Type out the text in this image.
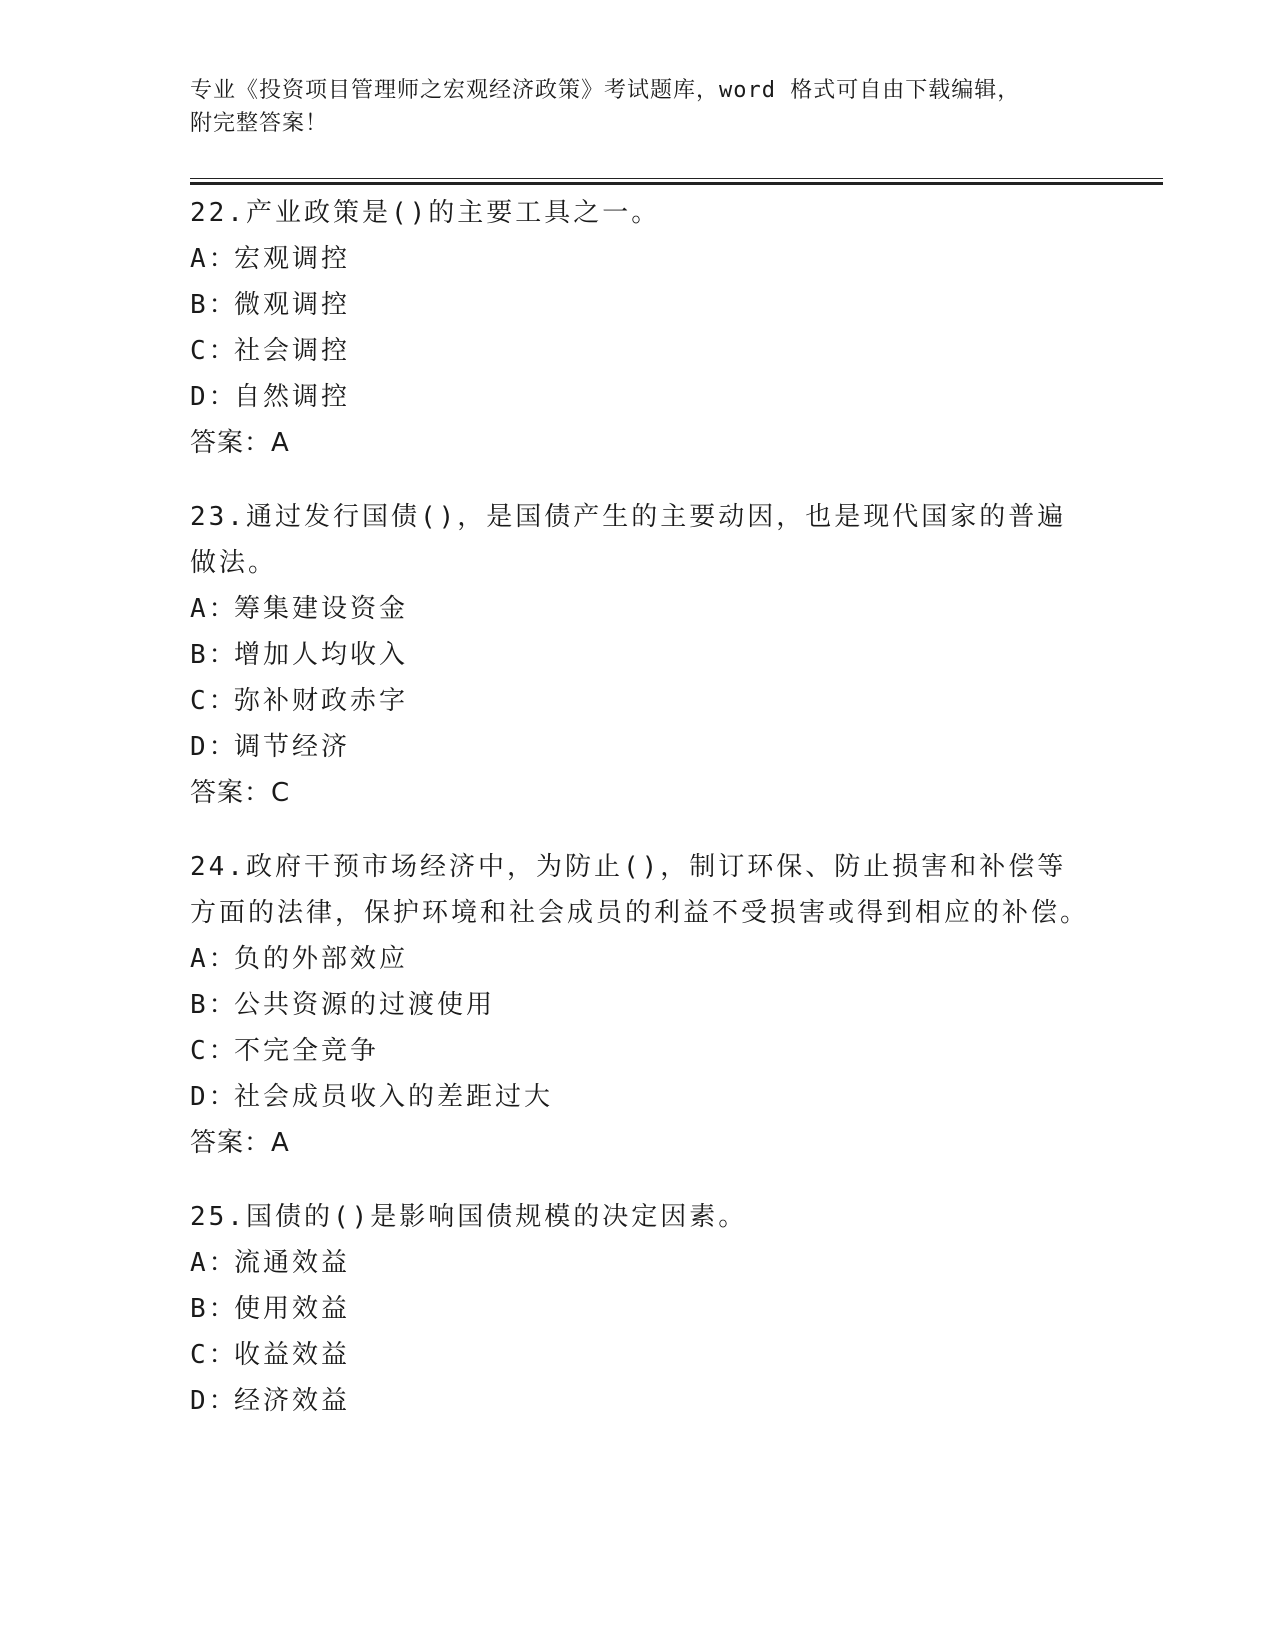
专业《投资项目管理师之宏观经济政策》考试题库，word 格式可自由下载编辑，
附完整答案！

22.产业政策是()的主要工具之一。

A：宏观调控

B：微观调控

C：社会调控

D：自然调控

答案：A

23.通过发行国债()，是国债产生的主要动因，也是现代国家的普遍做法。

A：筹集建设资金

B：增加人均收入

C：弥补财政赤字

D：调节经济

答案：C

24.政府干预市场经济中，为防止()，制订环保、防止损害和补偿等方面的法律，保护环境和社会成员的利益不受损害或得到相应的补偿。

A：负的外部效应

B：公共资源的过渡使用

C：不完全竞争

D：社会成员收入的差距过大

答案：A

25.国债的()是影响国债规模的决定因素。

A：流通效益

B：使用效益

C：收益效益

D：经济效益
